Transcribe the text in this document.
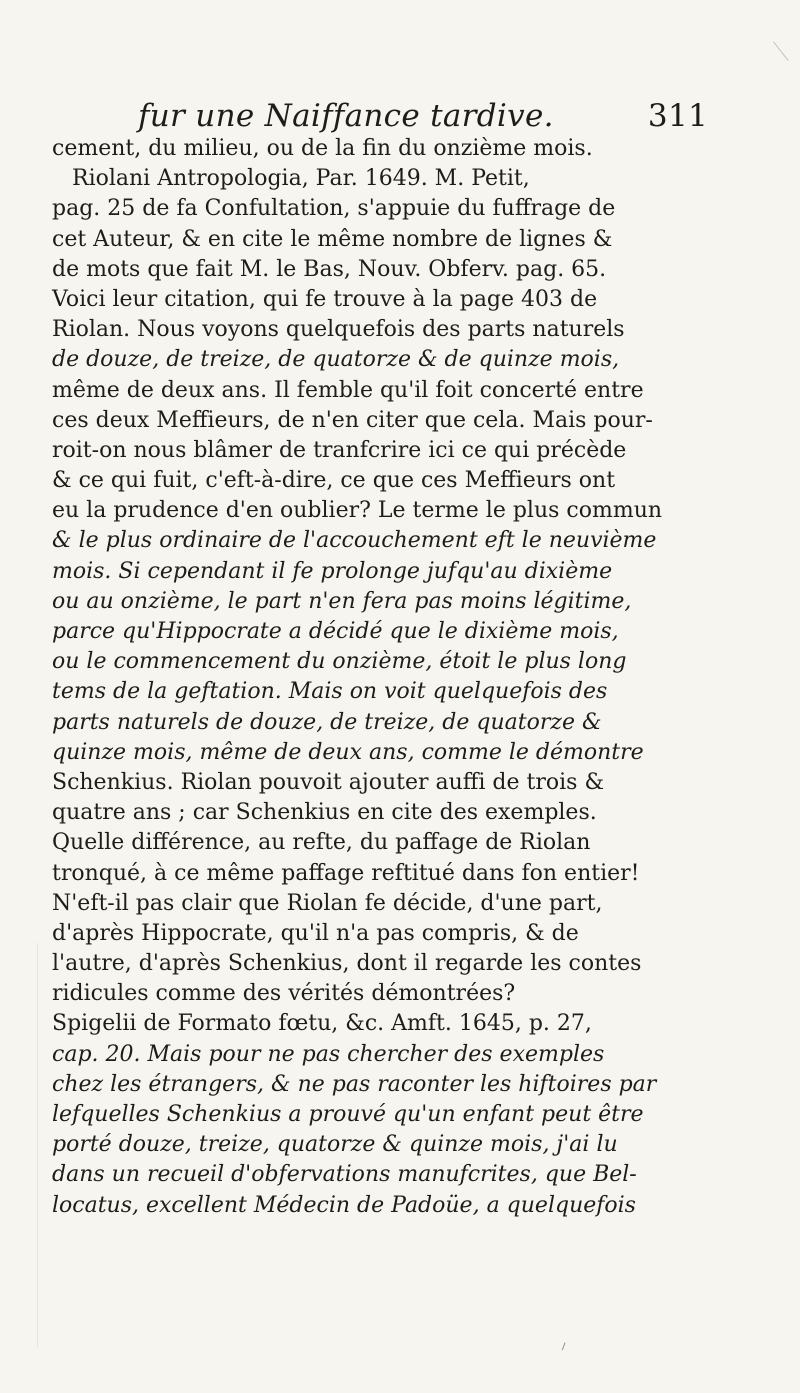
fur une Naiffance tardive.	311
cement, du milieu, ou de la fin du onzième mois.
Riolani Antropologia, Par. 1649. M. Petit,
pag. 25 de fa Confultation, s'appuie du fuffrage de
cet Auteur, & en cite le même nombre de lignes &
de mots que fait M. le Bas, Nouv. Obferv. pag. 65.
Voici leur citation, qui fe trouve à la page 403 de
Riolan. Nous voyons quelquefois des parts naturels
de douze, de treize, de quatorze & de quinze mois,
même de deux ans. Il femble qu'il foit concerté entre
ces deux Meffieurs, de n'en citer que cela. Mais pour-
roit-on nous blâmer de tranfcrire ici ce qui précède
& ce qui fuit, c'eft-à-dire, ce que ces Meffieurs ont
eu la prudence d'en oublier? Le terme le plus commun
& le plus ordinaire de l'accouchement eft le neuvième
mois. Si cependant il fe prolonge jufqu'au dixième
ou au onzième, le part n'en fera pas moins légitime,
parce qu'Hippocrate a décidé que le dixième mois,
ou le commencement du onzième, étoit le plus long
tems de la geftation. Mais on voit quelquefois des
parts naturels de douze, de treize, de quatorze &
quinze mois, même de deux ans, comme le démontre
Schenkius. Riolan pouvoit ajouter auffi de trois &
quatre ans ; car Schenkius en cite des exemples.
Quelle différence, au refte, du paffage de Riolan
tronqué, à ce même paffage reftitué dans fon entier!
N'eft-il pas clair que Riolan fe décide, d'une part,
d'après Hippocrate, qu'il n'a pas compris, & de
l'autre, d'après Schenkius, dont il regarde les contes
ridicules comme des vérités démontrées?
Spigelii de Formato fœtu, &c. Amft. 1645, p. 27,
cap. 20. Mais pour ne pas chercher des exemples
chez les étrangers, & ne pas raconter les hiftoires par
lefquelles Schenkius a prouvé qu'un enfant peut être
porté douze, treize, quatorze & quinze mois, j'ai lu
dans un recueil d'obfervations manufcrites, que Bel-
locatus, excellent Médecin de Padoüe, a quelquefois
